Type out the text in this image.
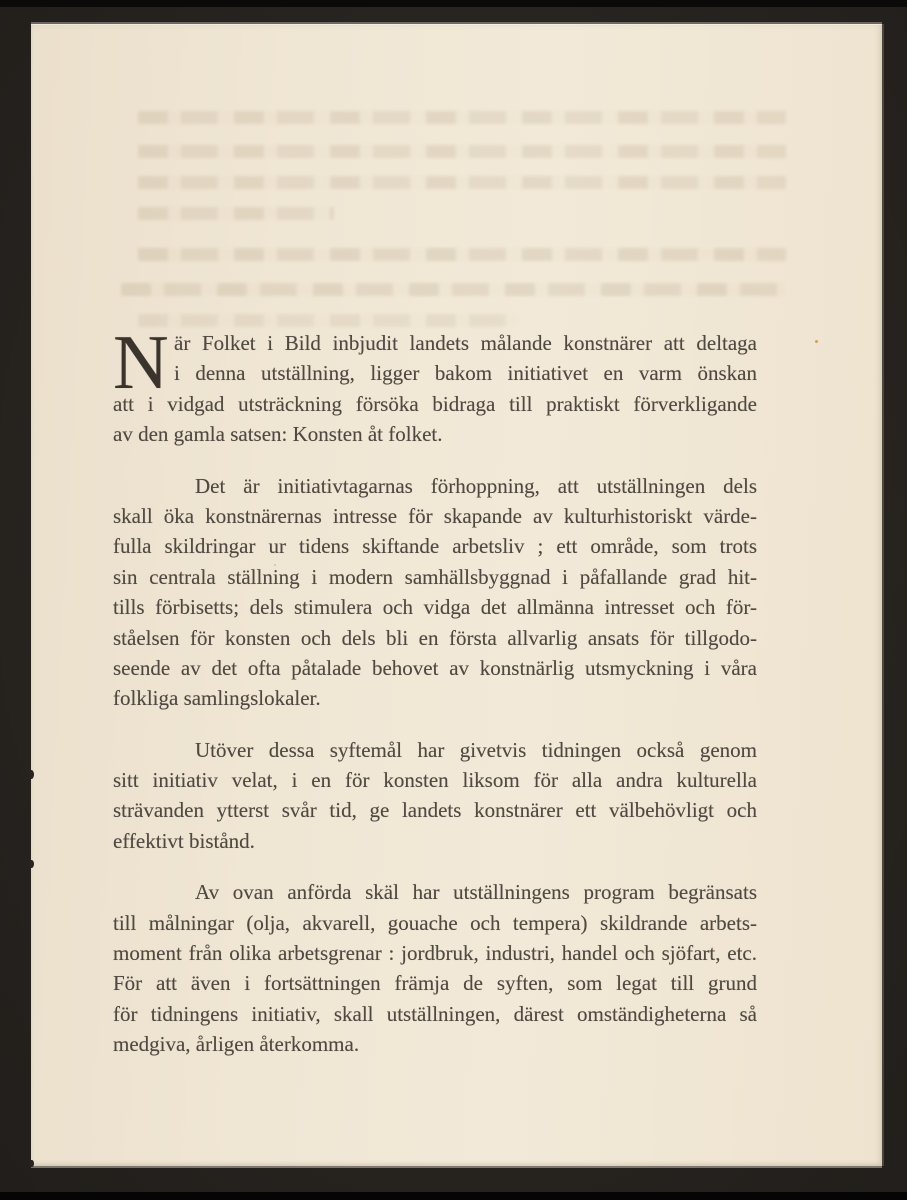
N är Folket i Bild inbjudit landets målande konstnärer att deltaga
i denna utställning, ligger bakom initiativet en varm önskan
att i vidgad utsträckning försöka bidraga till praktiskt förverkligande
av den gamla satsen: Konsten åt folket.
Det är initiativtagarnas förhoppning, att utställningen dels
skall öka konstnärernas intresse för skapande av kulturhistoriskt värde-
fulla skildringar ur tidens skiftande arbetsliv ; ett område, som trots
sin centrala ställning i modern samhällsbyggnad i påfallande grad hit-
tills förbisetts; dels stimulera och vidga det allmänna intresset och för-
ståelsen för konsten och dels bli en första allvarlig ansats för tillgodo-
seende av det ofta påtalade behovet av konstnärlig utsmyckning i våra
folkliga samlingslokaler.
Utöver dessa syftemål har givetvis tidningen också genom
sitt initiativ velat, i en för konsten liksom för alla andra kulturella
strävanden ytterst svår tid, ge landets konstnärer ett välbehövligt och
effektivt bistånd.
Av ovan anförda skäl har utställningens program begränsats
till målningar (olja, akvarell, gouache och tempera) skildrande arbets-
moment från olika arbetsgrenar : jordbruk, industri, handel och sjöfart, etc.
För att även i fortsättningen främja de syften, som legat till grund
för tidningens initiativ, skall utställningen, därest omständigheterna så
medgiva, årligen återkomma.
